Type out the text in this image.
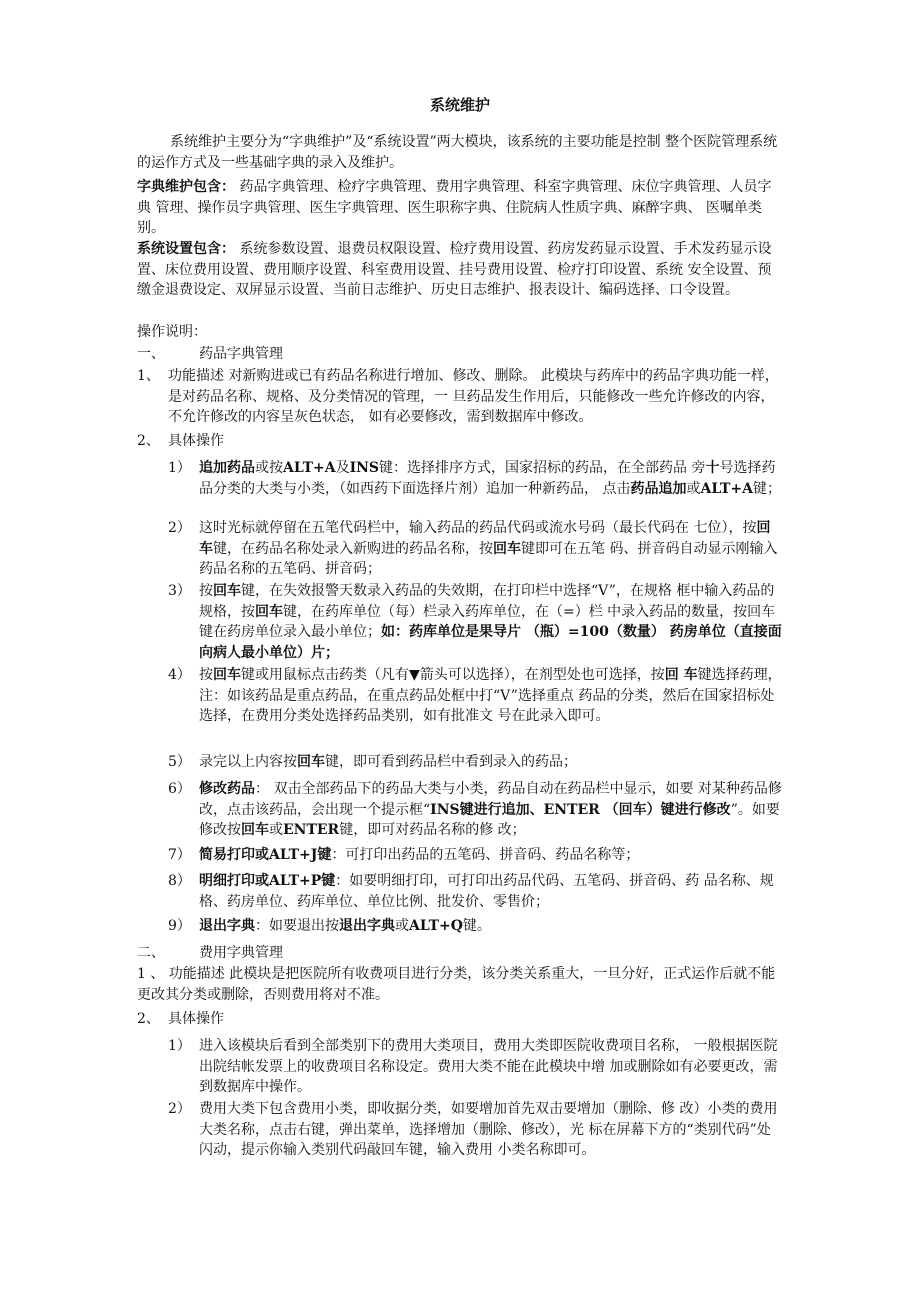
系统维护

系统维护主要分为“字典维护”及“系统设置”两大模块，该系统的主要功能是控制 整个医院管理系统的运作方式及一些基础字典的录入及维护。

字典维护包含： 药品字典管理、检疗字典管理、费用字典管理、科室字典管理、床位字典管理、人员字典 管理、操作员字典管理、医生字典管理、医生职称字典、住院病人性质字典、麻醉字典、 医嘱单类别。

系统设置包含： 系统参数设置、退费员权限设置、检疗费用设置、药房发药显示设置、手术发药显示设 置、床位费用设置、费用顺序设置、科室费用设置、挂号费用设置、检疗打印设置、系统 安全设置、预缴金退费设定、双屏显示设置、当前日志维护、历史日志维护、报表设计、编码选择、口令设置。

操作说明：
一、 药品字典管理
1、 功能描述 对新购进或已有药品名称进行增加、修改、删除。 此模块与药库中的药品字典功能一样，是对药品名称、规格、及分类情况的管理，一 旦药品发生作用后，只能修改一些允许修改的内容，不允许修改的内容呈灰色状态， 如有必要修改，需到数据库中修改。

2、 具体操作
1） 追加药品或按ALT+A及INS键：选择排序方式，国家招标的药品，在全部药品 旁十号选择药品分类的大类与小类，（如西药下面选择片剂）追加一种新药品， 点击药品追加或ALT+A键；

2） 这时光标就停留在五笔代码栏中，输入药品的药品代码或流水号码（最长代码在 七位），按回车键，在药品名称处录入新购进的药品名称，按回车键即可在五笔 码、拼音码自动显示刚输入药品名称的五笔码、拼音码；

3） 按回车键，在失效报警天数录入药品的失效期，在打印栏中选择“V”，在规格 框中输入药品的规格，按回车键，在药库单位（每）栏录入药库单位，在（=）栏 中录入药品的数量，按回车键在药房单位录入最小单位；如：药库单位是果导片 （瓶）=100（数量） 药房单位（直接面向病人最小单位）片；

4） 按回车键或用鼠标点击药类（凡有▼箭头可以选择），在剂型处也可选择，按回 车键选择药理，注：如该药品是重点药品，在重点药品处框中打“V”选择重点 药品的分类，然后在国家招标处选择，在费用分类处选择药品类别，如有批准文 号在此录入即可。

5） 录完以上内容按回车键，即可看到药品栏中看到录入的药品；

6） 修改药品： 双击全部药品下的药品大类与小类，药品自动在药品栏中显示，如要 对某种药品修改，点击该药品，会出现一个提示框“INS键进行追加、ENTER （回车）键进行修改”。如要修改按回车或ENTER键，即可对药品名称的修 改；

7） 简易打印或ALT+J键：可打印出药品的五笔码、拼音码、药品名称等；

8） 明细打印或ALT+P键：如要明细打印，可打印出药品代码、五笔码、拼音码、药 品名称、规格、药房单位、药库单位、单位比例、批发价、零售价；

9） 退出字典：如要退出按退出字典或ALT+Q键。

二、 费用字典管理

1 、 功能描述 此模块是把医院所有收费项目进行分类，该分类关系重大，一旦分好，正式运作后就不能 更改其分类或删除，否则费用将对不准。

2、 具体操作
1） 进入该模块后看到全部类别下的费用大类项目，费用大类即医院收费项目名称， 一般根据医院出院结帐发票上的收费项目名称设定。费用大类不能在此模块中增 加或删除如有必要更改，需到数据库中操作。

2） 费用大类下包含费用小类，即收据分类，如要增加首先双击要增加（删除、修 改）小类的费用大类名称，点击右键，弹出菜单，选择增加（删除、修改），光 标在屏幕下方的“类别代码”处闪动，提示你输入类别代码敲回车键，输入费用 小类名称即可。
